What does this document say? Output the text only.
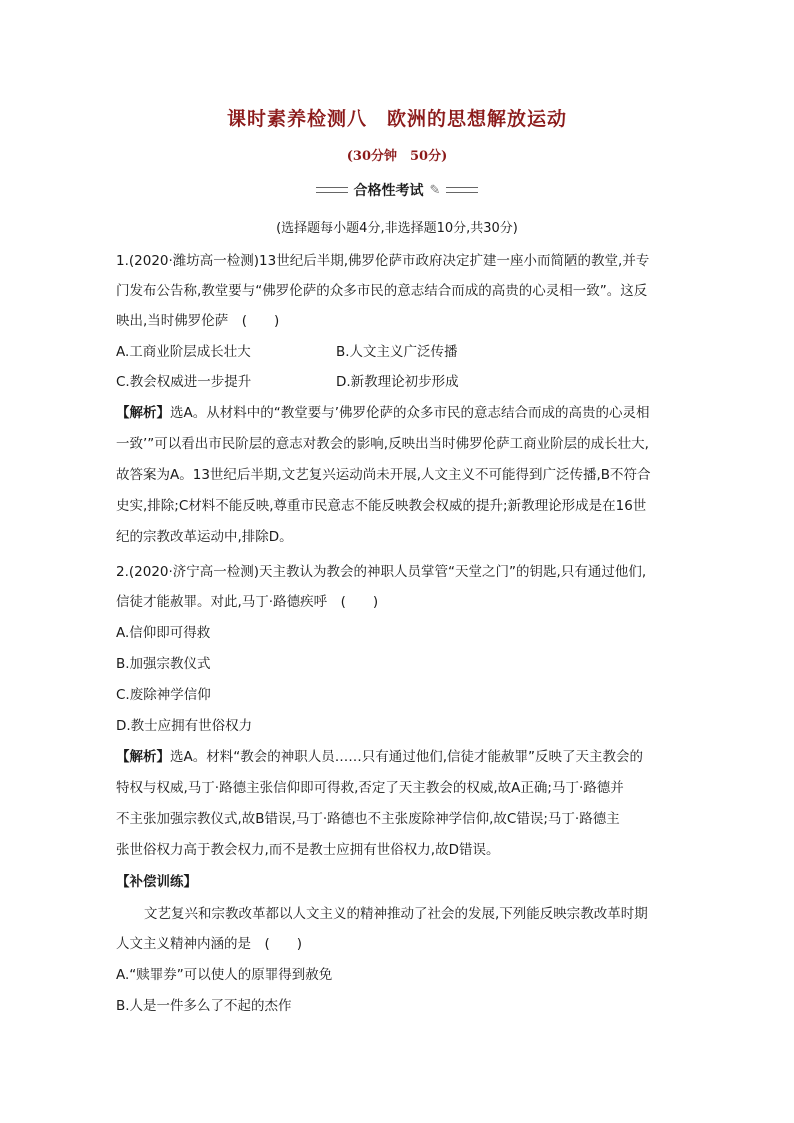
课时素养检测八　欧洲的思想解放运动
(30分钟　50分)
合格性考试 ✎
(选择题每小题4分,非选择题10分,共30分)
1.(2020·潍坊高一检测)13世纪后半期,佛罗伦萨市政府决定扩建一座小而简陋的教堂,并专
门发布公告称,教堂要与“佛罗伦萨的众多市民的意志结合而成的高贵的心灵相一致”。这反
映出,当时佛罗伦萨　(　　)
A.工商业阶层成长壮大	B.人文主义广泛传播
C.教会权威进一步提升	D.新教理论初步形成
【解析】选A。从材料中的“教堂要与’佛罗伦萨的众多市民的意志结合而成的高贵的心灵相
一致’”可以看出市民阶层的意志对教会的影响,反映出当时佛罗伦萨工商业阶层的成长壮大,
故答案为A。13世纪后半期,文艺复兴运动尚未开展,人文主义不可能得到广泛传播,B不符合
史实,排除;C材料不能反映,尊重市民意志不能反映教会权威的提升;新教理论形成是在16世
纪的宗教改革运动中,排除D。
2.(2020·济宁高一检测)天主教认为教会的神职人员掌管“天堂之门”的钥匙,只有通过他们,
信徒才能赦罪。对此,马丁·路德疾呼　(　　)
A.信仰即可得救
B.加强宗教仪式
C.废除神学信仰
D.教士应拥有世俗权力
【解析】选A。材料“教会的神职人员……只有通过他们,信徒才能赦罪”反映了天主教会的
特权与权威,马丁·路德主张信仰即可得救,否定了天主教会的权威,故A正确;马丁·路德并
不主张加强宗教仪式,故B错误,马丁·路德也不主张废除神学信仰,故C错误;马丁·路德主
张世俗权力高于教会权力,而不是教士应拥有世俗权力,故D错误。
【补偿训练】
文艺复兴和宗教改革都以人文主义的精神推动了社会的发展,下列能反映宗教改革时期
人文主义精神内涵的是　(　　)
A.“赎罪券”可以使人的原罪得到赦免
B.人是一件多么了不起的杰作
